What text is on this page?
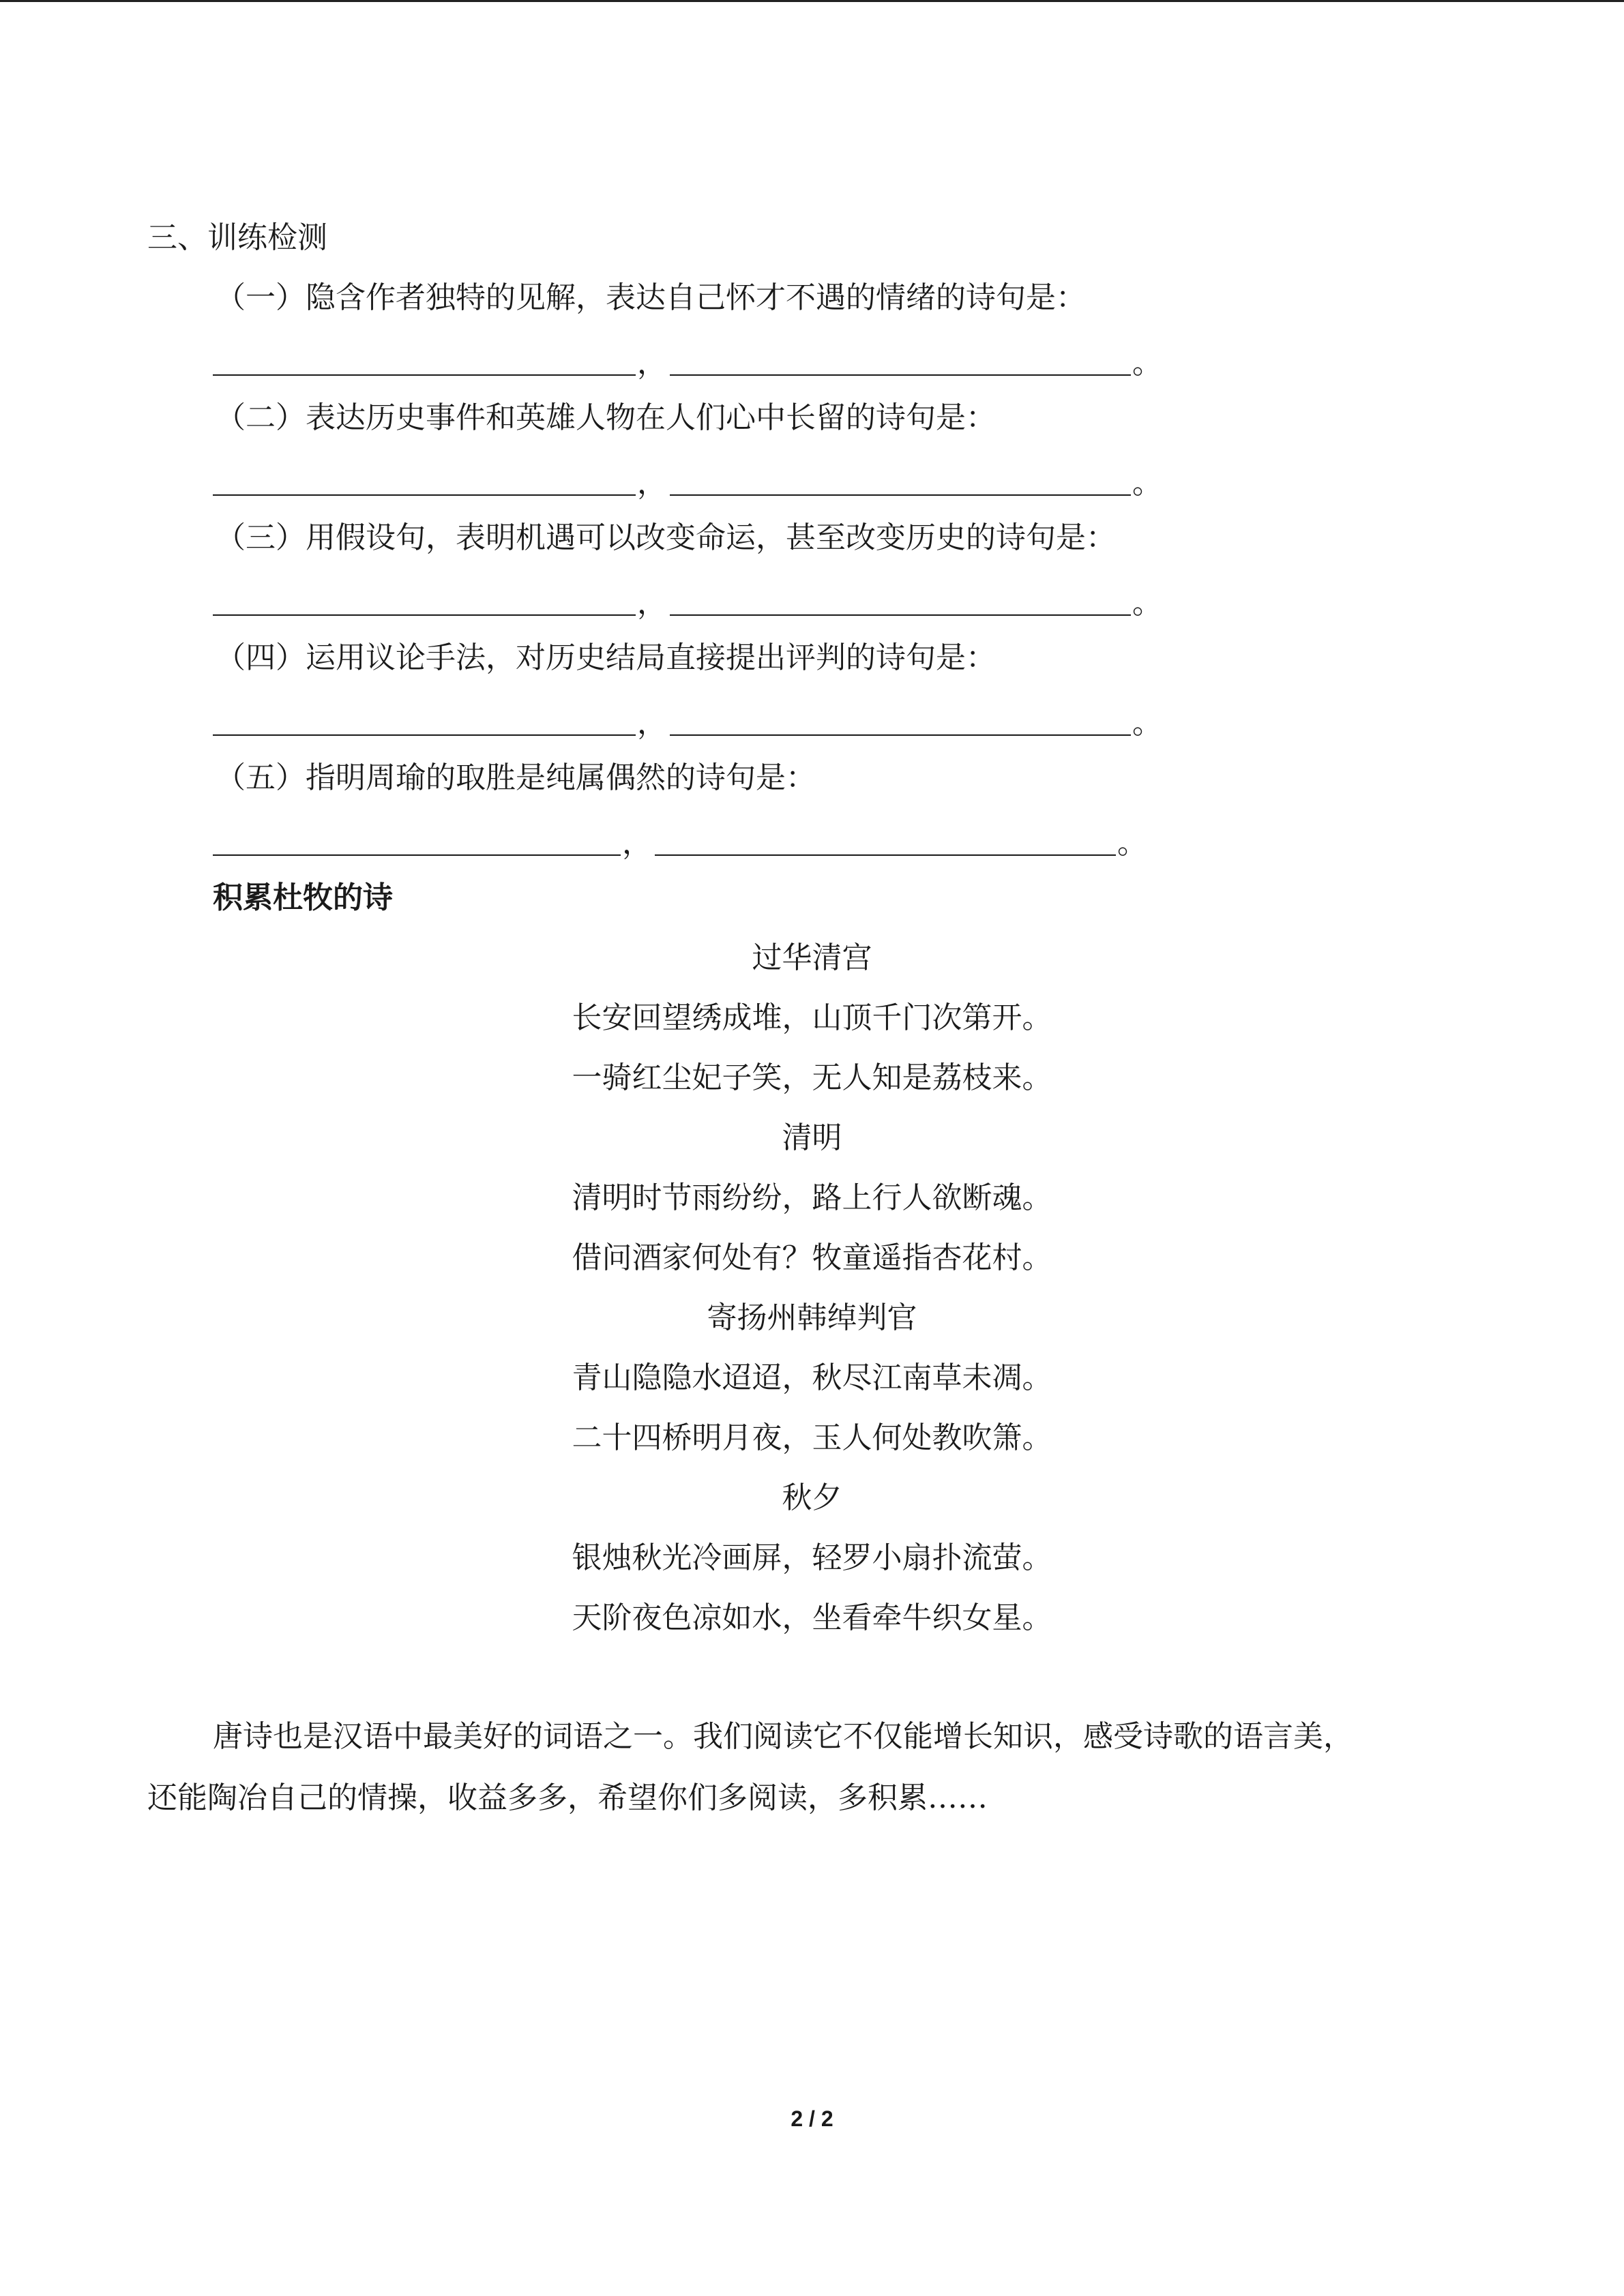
三、训练检测
（一）隐含作者独特的见解，表达自己怀才不遇的情绪的诗句是：
，	。
（二）表达历史事件和英雄人物在人们心中长留的诗句是：
，	。
（三）用假设句，表明机遇可以改变命运，甚至改变历史的诗句是：
，	。
（四）运用议论手法，对历史结局直接提出评判的诗句是：
，	。
（五）指明周瑜的取胜是纯属偶然的诗句是：
，	。
积累杜牧的诗
过华清宫
长安回望绣成堆，山顶千门次第开。
一骑红尘妃子笑，无人知是荔枝来。
清明
清明时节雨纷纷，路上行人欲断魂。
借问酒家何处有？牧童遥指杏花村。
寄扬州韩绰判官
青山隐隐水迢迢，秋尽江南草未凋。
二十四桥明月夜，玉人何处教吹箫。
秋夕
银烛秋光冷画屏，轻罗小扇扑流萤。
天阶夜色凉如水，坐看牵牛织女星。
唐诗也是汉语中最美好的词语之一。我们阅读它不仅能增长知识，感受诗歌的语言美，
还能陶冶自己的情操，收益多多，希望你们多阅读，多积累……
2 / 2
